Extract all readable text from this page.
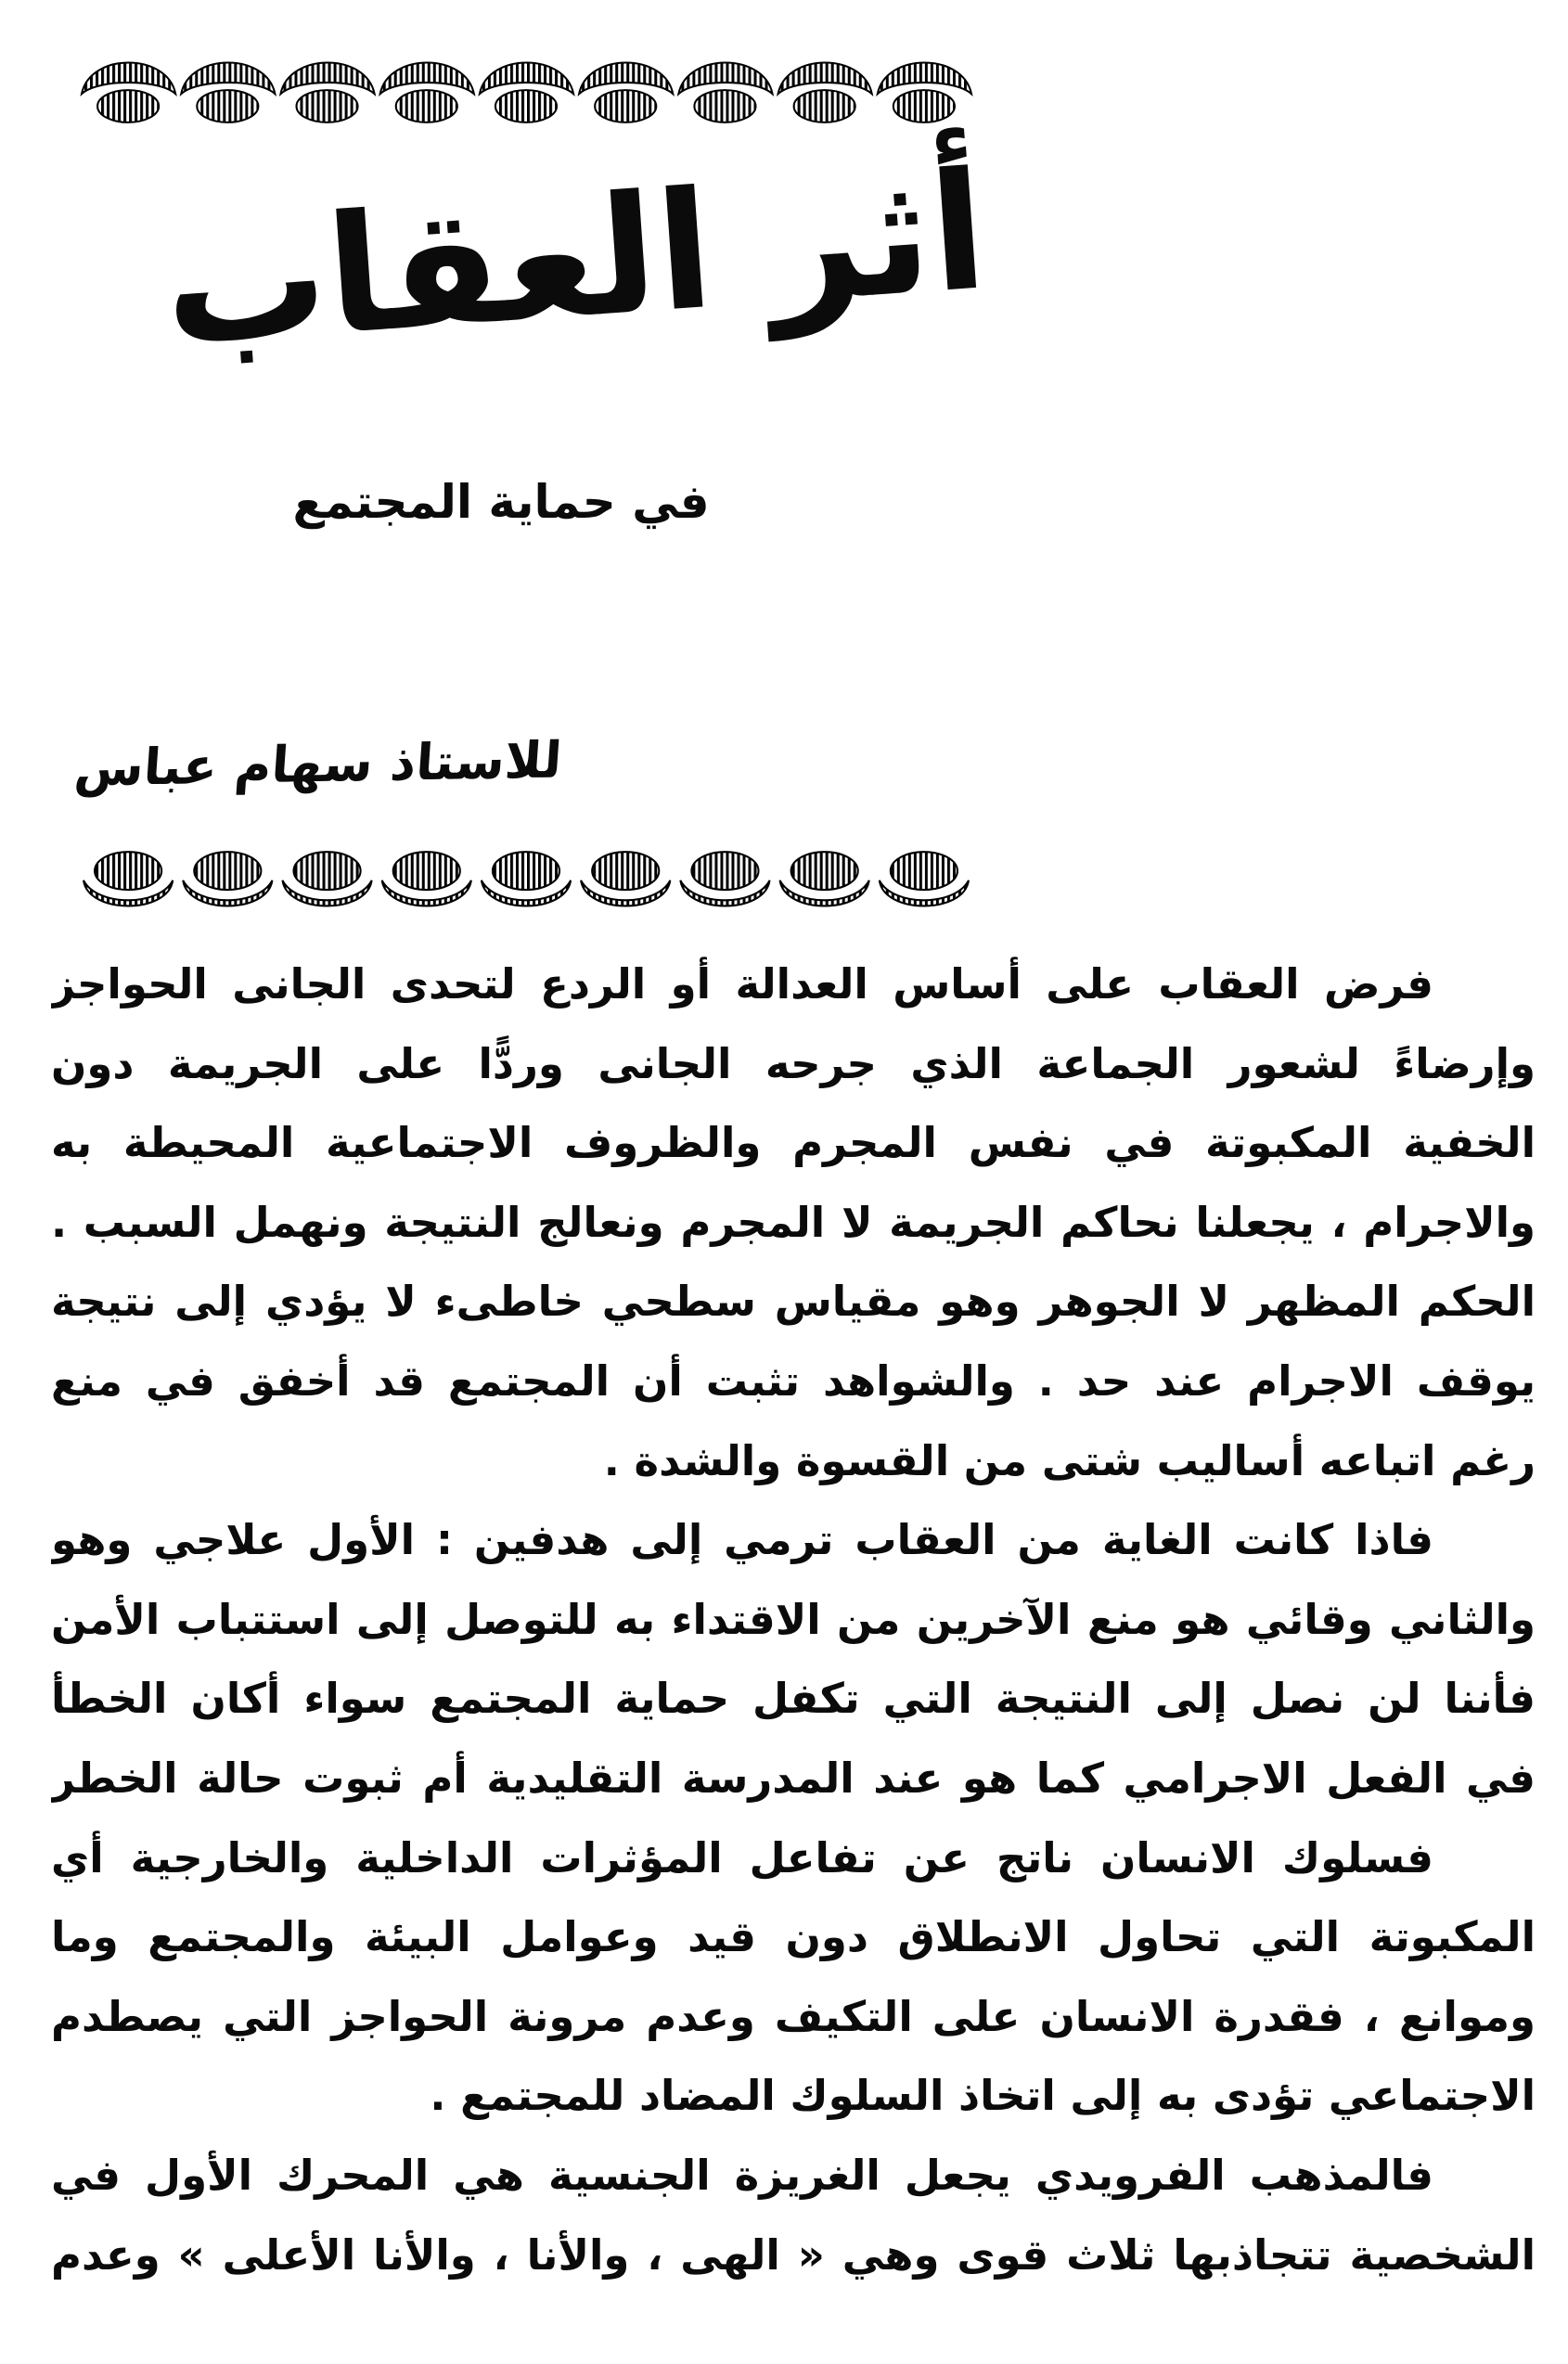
أثر العقاب
في حماية المجتمع
للاستاذ سهام عباس
فرض العقاب على أساس العدالة أو الردع لتحدى الجانى الحواجز
وإرضاءً لشعور الجماعة الذي جرحه الجانى وردًّا على الجريمة دون
الخفية المكبوتة في نفس المجرم والظروف الاجتماعية المحيطة به
والاجرام ، يجعلنا نحاكم الجريمة لا المجرم ونعالج النتيجة ونهمل السبب .
الحكم المظهر لا الجوهر وهو مقياس سطحي خاطىء لا يؤدي إلى نتيجة
يوقف الاجرام عند حد . والشواهد تثبت أن المجتمع قد أخفق في منع
رغم اتباعه أساليب شتى من القسوة والشدة .
فاذا كانت الغاية من العقاب ترمي إلى هدفين : الأول علاجي وهو
والثاني وقائي هو منع الآخرين من الاقتداء به للتوصل إلى استتباب الأمن
فأننا لن نصل إلى النتيجة التي تكفل حماية المجتمع سواء أكان الخطأ
في الفعل الاجرامي كما هو عند المدرسة التقليدية أم ثبوت حالة الخطر
فسلوك الانسان ناتج عن تفاعل المؤثرات الداخلية والخارجية أي
المكبوتة التي تحاول الانطلاق دون قيد وعوامل البيئة والمجتمع وما
وموانع ، فقدرة الانسان على التكيف وعدم مرونة الحواجز التي يصطدم
الاجتماعي تؤدى به إلى اتخاذ السلوك المضاد للمجتمع .
فالمذهب الفرويدي يجعل الغريزة الجنسية هي المحرك الأول في
الشخصية تتجاذبها ثلاث قوى وهي « الهى ، والأنا ، والأنا الأعلى » وعدم
